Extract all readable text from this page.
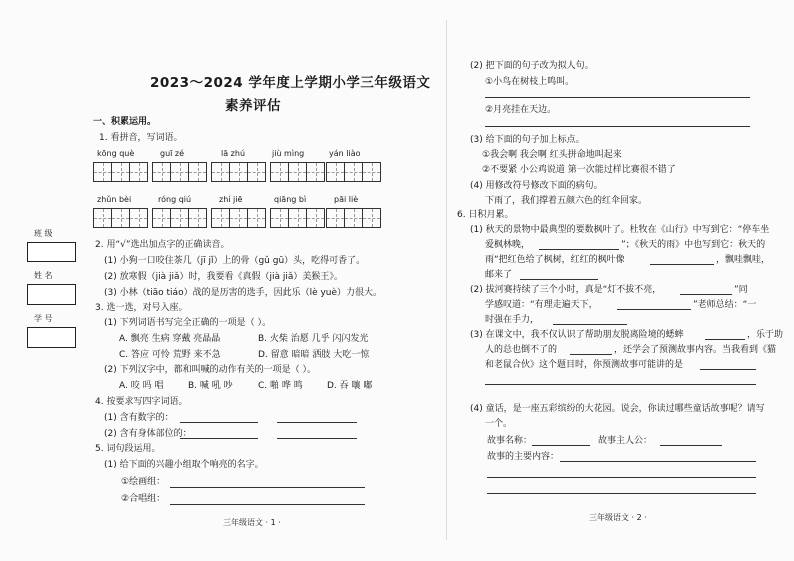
2023～2024 学年度上学期小学三年级语文
素养评估
一、积累运用。
1. 看拼音，写词语。
kōng què	guī zé	lā zhú	jiù mìng	yán liào
zhǔn bèi	róng qiú	zhí jiē	qiāng bì	pāi liè
2. 用“√”选出加点字的正确读音。
(1) 小狗一口咬住茶几（jī jǐ）上的骨（gǔ gū）头，吃得可香了。
(2) 放寒假（jià jiǎ）时，我要看《真假（jià jiǎ）美猴王》。
(3) 小林（tiāo tiáo）战的是历害的选手，因此乐（lè yuè）力很大。
3. 选一选，对号入座。
(1) 下列词语书写完全正确的一项是（ ）。
A. 飘亮 生病 穿戴 亮晶晶	B. 火柴 治愿 几乎 闪闪发光
C. 答应 可怜 荒野 来不急	D. 留意 暗暗 洒肢 大吃一惊
(2) 下列汉字中，都和叫喊的动作有关的一项是（ ）。
A. 咬 吗 唱	B. 喊 吼 吵	C. 啪 哗 鸣	D. 吞 嚷 嘟
4. 按要求写四字词语。
(1) 含有数字的：
(2) 含有身体部位的：
5. 词句段运用。
(1) 给下面的兴趣小组取个响亮的名字。
①绘画组：
②合唱组：
班 级
姓 名
学 号
三年级语文 · 1 ·
(2) 把下面的句子改为拟人句。
①小鸟在树枝上鸣叫。
②月亮挂在天边。
(3) 给下面的句子加上标点。
①我会啊 我会啊 红头拼命地叫起来
②不要紧 小公鸡说道 第一次能过样比赛很不错了
(4) 用修改符号修改下面的病句。
下雨了，我们撑着五颜六色的红伞回家。
6. 日积月累。
(1) 秋天的景物中最典型的要数枫叶了。杜牧在《山行》中写到它：“停车坐
爱枫林晚，	”；《秋天的雨》中也写到它：秋天的
雨“把红色给了枫树，红红的枫叶像	，飘哇飘哇，
邮来了
(2) 拔河赛持续了三个小时，真是“灯不拔不亮，	”同
学感叹道：“有理走遍天下，	”老师总结：“一
时强在手力，
(3) 在课文中，我不仅认识了帮助朋友脱离险境的蟋蟀	，乐于助
人的总也倒不了的	，还学会了预测故事内容。当我看到《猫
和老鼠合伙》这个题目时，你预测故事可能讲的是
(4) 童话，是一座五彩缤纷的大花园。说会，你读过哪些童话故事呢？请写
一个。
故事名称：	故事主人公：
故事的主要内容：
三年级语文 · 2 ·
